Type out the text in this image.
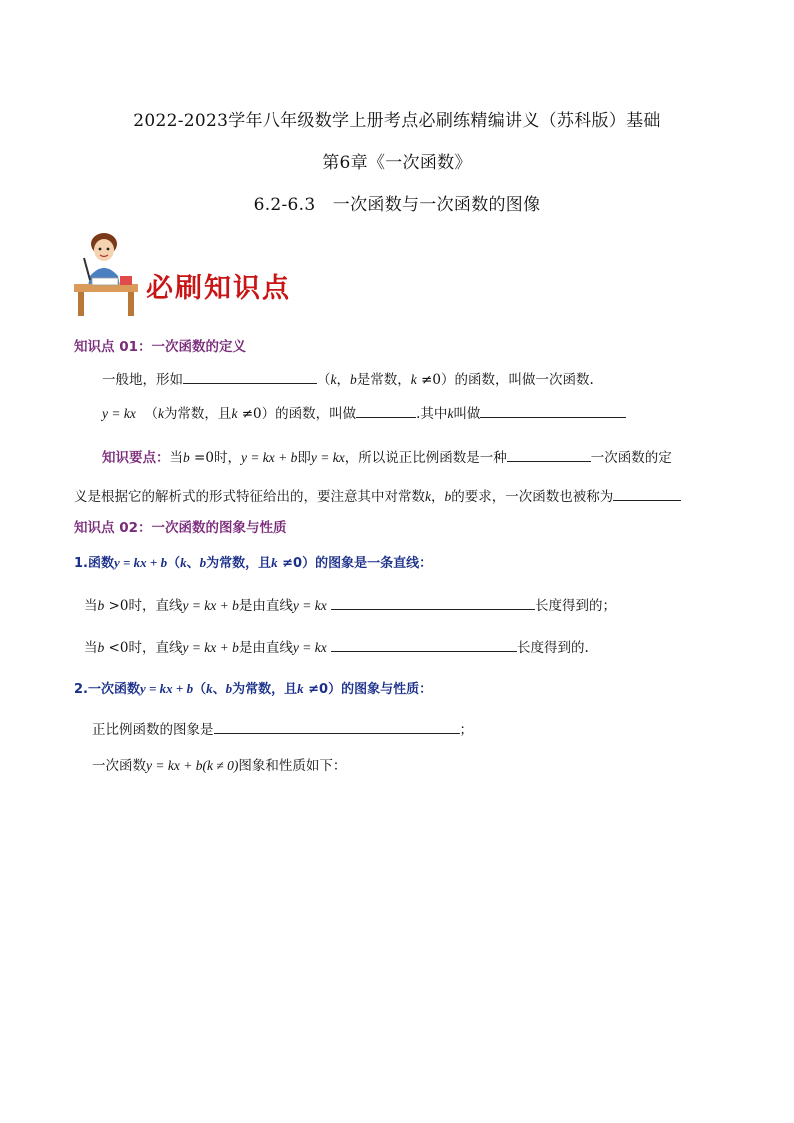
2022-2023学年八年级数学上册考点必刷练精编讲义（苏科版）基础
第6章《一次函数》
6.2-6.3　一次函数与一次函数的图像
必刷知识点
知识点 01：一次函数的定义
一般地，形如	（k，b是常数，k ≠0）的函数，叫做一次函数.
y = kx （k为常数，且k ≠0）的函数，叫做	.其中k叫做
知识要点：当b =0时，y = kx + b即y = kx，所以说正比例函数是一种	一次函数的定
义是根据它的解析式的形式特征给出的，要注意其中对常数k，b的要求，一次函数也被称为
知识点 02：一次函数的图象与性质
1.函数y = kx + b（k、b为常数，且k ≠0）的图象是一条直线：
当b >0时，直线y = kx + b是由直线y = kx	长度得到的；
当b <0时，直线y = kx + b是由直线y = kx	长度得到的.
2.一次函数y = kx + b（k、b为常数，且k ≠0）的图象与性质：
正比例函数的图象是	；
一次函数y = kx + b(k ≠ 0)图象和性质如下：
